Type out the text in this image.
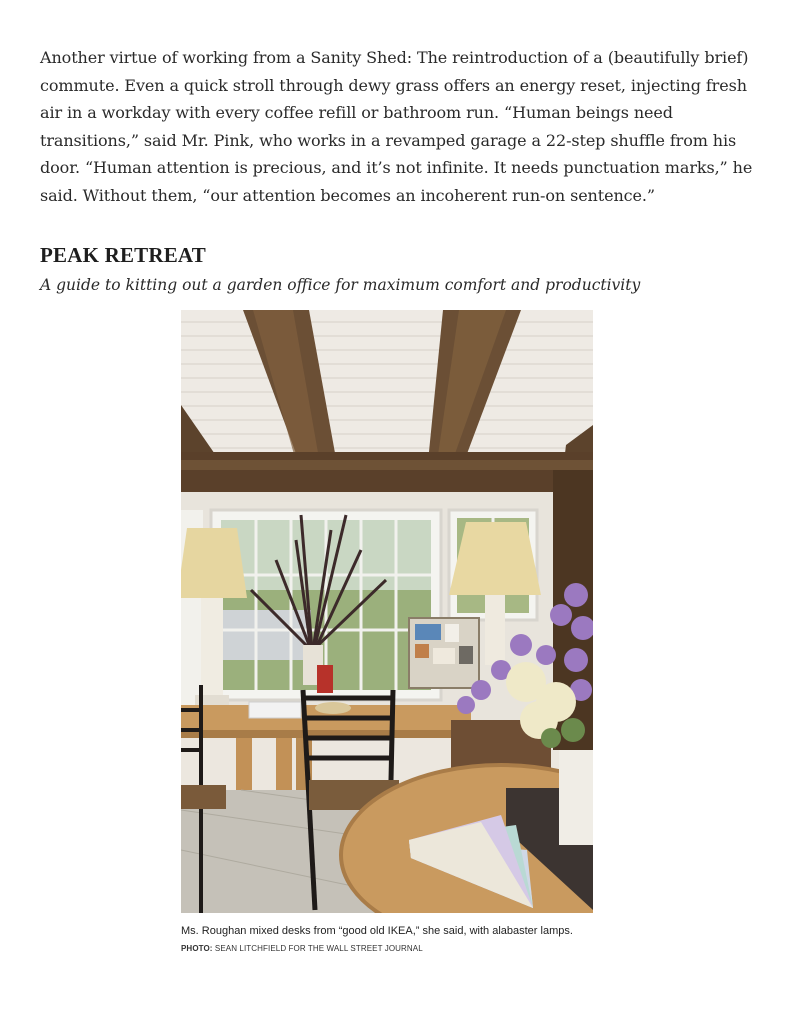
Another virtue of working from a Sanity Shed: The reintroduction of a (beautifully brief) commute. Even a quick stroll through dewy grass offers an energy reset, injecting fresh air in a workday with every coffee refill or bathroom run. “Human beings need transitions,” said Mr. Pink, who works in a revamped garage a 22-step shuffle from his door. “Human attention is precious, and it’s not infinite. It needs punctuation marks,” he said. Without them, “our attention becomes an incoherent run-on sentence.”

PEAK RETREAT

A guide to kitting out a garden office for maximum comfort and productivity

Ms. Roughan mixed desks from “good old IKEA,” she said, with alabaster lamps.

PHOTO: SEAN LITCHFIELD FOR THE WALL STREET JOURNAL
